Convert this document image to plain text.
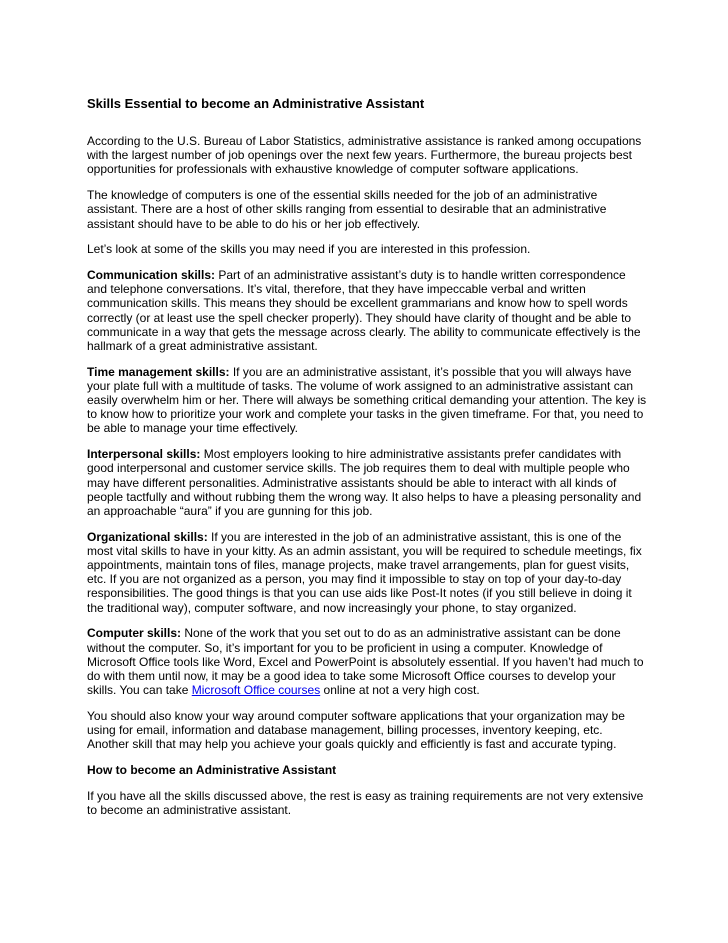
Skills Essential to become an Administrative Assistant

According to the U.S. Bureau of Labor Statistics, administrative assistance is ranked among occupations with the largest number of job openings over the next few years. Furthermore, the bureau projects best opportunities for professionals with exhaustive knowledge of computer software applications.

The knowledge of computers is one of the essential skills needed for the job of an administrative assistant. There are a host of other skills ranging from essential to desirable that an administrative assistant should have to be able to do his or her job effectively.

Let’s look at some of the skills you may need if you are interested in this profession.

Communication skills: Part of an administrative assistant’s duty is to handle written correspondence and telephone conversations. It’s vital, therefore, that they have impeccable verbal and written communication skills. This means they should be excellent grammarians and know how to spell words correctly (or at least use the spell checker properly). They should have clarity of thought and be able to communicate in a way that gets the message across clearly. The ability to communicate effectively is the hallmark of a great administrative assistant.

Time management skills: If you are an administrative assistant, it’s possible that you will always have your plate full with a multitude of tasks. The volume of work assigned to an administrative assistant can easily overwhelm him or her. There will always be something critical demanding your attention. The key is to know how to prioritize your work and complete your tasks in the given timeframe. For that, you need to be able to manage your time effectively.

Interpersonal skills: Most employers looking to hire administrative assistants prefer candidates with good interpersonal and customer service skills. The job requires them to deal with multiple people who may have different personalities. Administrative assistants should be able to interact with all kinds of people tactfully and without rubbing them the wrong way. It also helps to have a pleasing personality and an approachable “aura” if you are gunning for this job.

Organizational skills: If you are interested in the job of an administrative assistant, this is one of the most vital skills to have in your kitty. As an admin assistant, you will be required to schedule meetings, fix appointments, maintain tons of files, manage projects, make travel arrangements, plan for guest visits, etc. If you are not organized as a person, you may find it impossible to stay on top of your day-to-day responsibilities. The good things is that you can use aids like Post-It notes (if you still believe in doing it the traditional way), computer software, and now increasingly your phone, to stay organized.

Computer skills: None of the work that you set out to do as an administrative assistant can be done without the computer. So, it’s important for you to be proficient in using a computer. Knowledge of Microsoft Office tools like Word, Excel and PowerPoint is absolutely essential. If you haven’t had much to do with them until now, it may be a good idea to take some Microsoft Office courses to develop your skills. You can take Microsoft Office courses online at not a very high cost.

You should also know your way around computer software applications that your organization may be using for email, information and database management, billing processes, inventory keeping, etc. Another skill that may help you achieve your goals quickly and efficiently is fast and accurate typing.

How to become an Administrative Assistant

If you have all the skills discussed above, the rest is easy as training requirements are not very extensive to become an administrative assistant.
